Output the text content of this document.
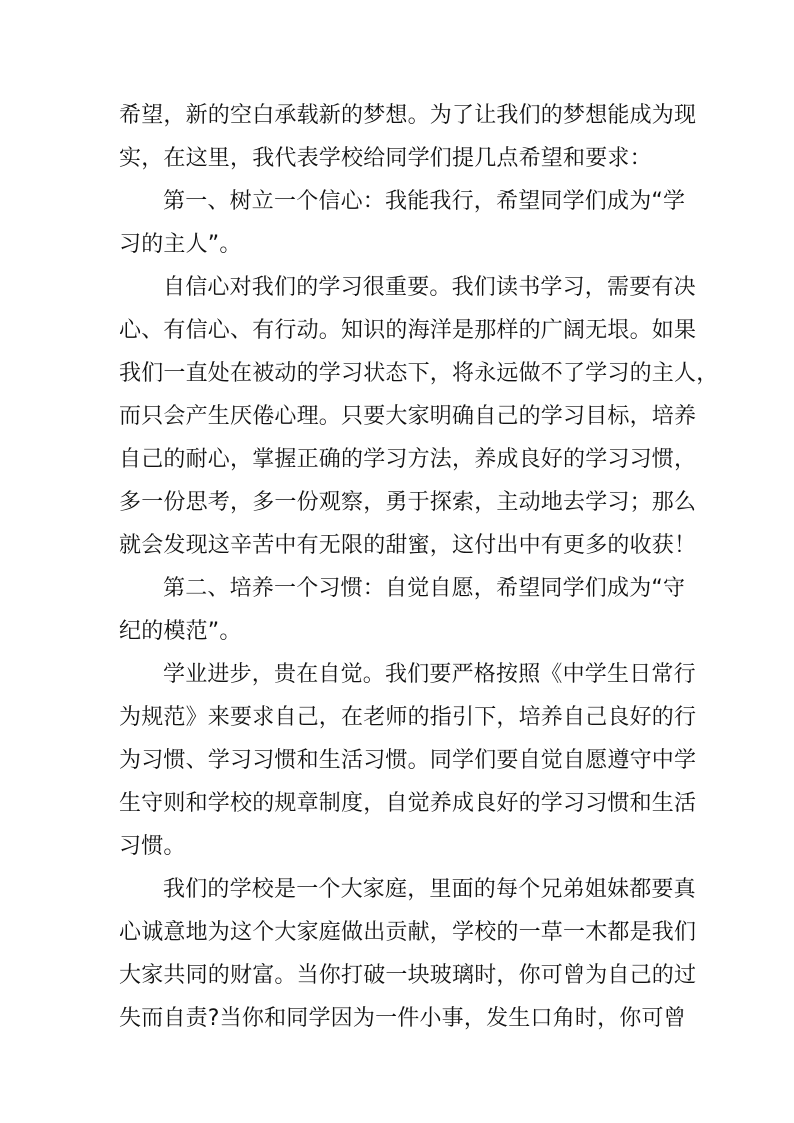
希望，新的空白承载新的梦想。为了让我们的梦想能成为现
实，在这里，我代表学校给同学们提几点希望和要求：
第一、树立一个信心：我能我行，希望同学们成为“学
习的主人”。
自信心对我们的学习很重要。我们读书学习，需要有决
心、有信心、有行动。知识的海洋是那样的广阔无垠。如果
我们一直处在被动的学习状态下，将永远做不了学习的主人，
而只会产生厌倦心理。只要大家明确自己的学习目标，培养
自己的耐心，掌握正确的学习方法，养成良好的学习习惯，
多一份思考，多一份观察，勇于探索，主动地去学习；那么
就会发现这辛苦中有无限的甜蜜，这付出中有更多的收获！
第二、培养一个习惯：自觉自愿，希望同学们成为“守
纪的模范”。
学业进步，贵在自觉。我们要严格按照《中学生日常行
为规范》来要求自己，在老师的指引下，培养自己良好的行
为习惯、学习习惯和生活习惯。同学们要自觉自愿遵守中学
生守则和学校的规章制度，自觉养成良好的学习习惯和生活
习惯。
我们的学校是一个大家庭，里面的每个兄弟姐妹都要真
心诚意地为这个大家庭做出贡献，学校的一草一木都是我们
大家共同的财富。当你打破一块玻璃时，你可曾为自己的过
失而自责?当你和同学因为一件小事，发生口角时，你可曾
